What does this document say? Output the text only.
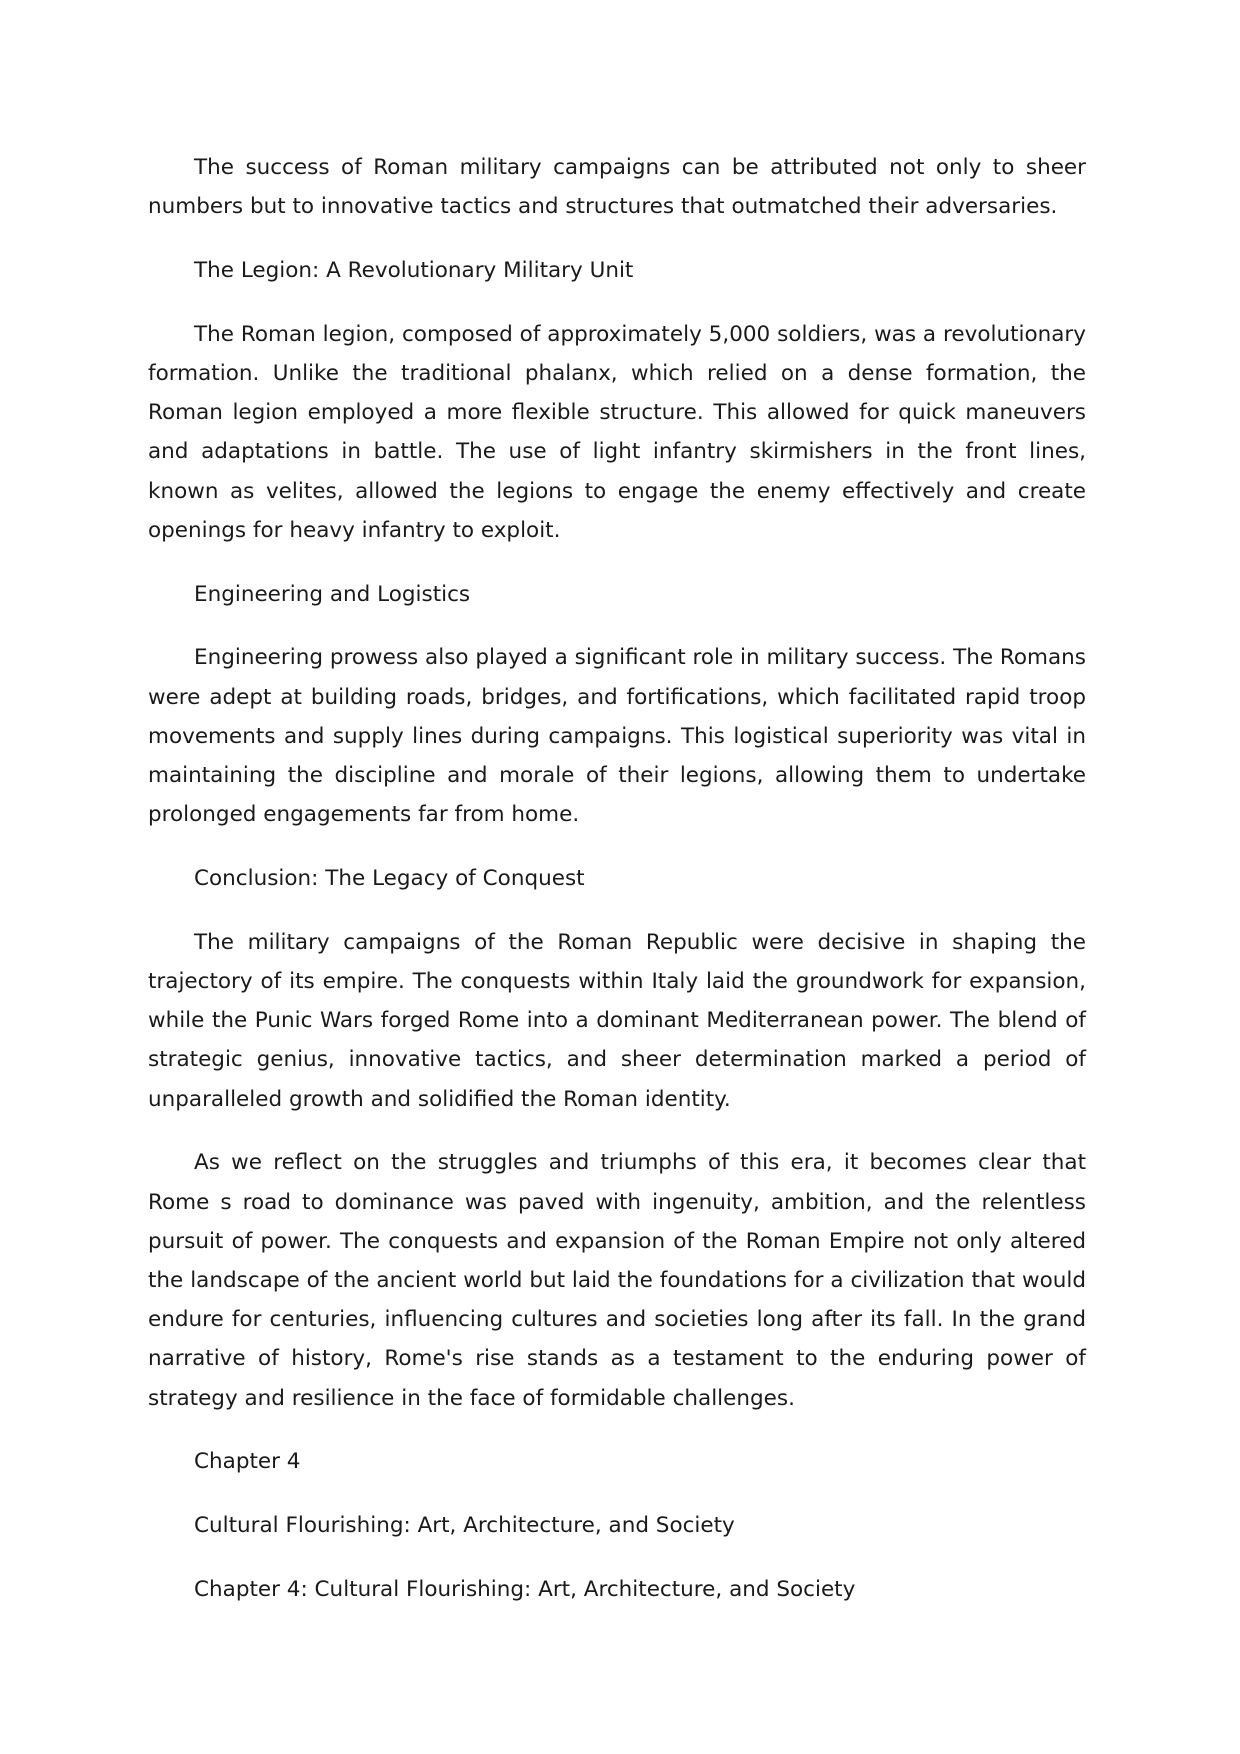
The success of Roman military campaigns can be attributed not only to sheer numbers but to innovative tactics and structures that outmatched their adversaries.

The Legion: A Revolutionary Military Unit

The Roman legion, composed of approximately 5,000 soldiers, was a revolutionary formation. Unlike the traditional phalanx, which relied on a dense formation, the Roman legion employed a more flexible structure. This allowed for quick maneuvers and adaptations in battle. The use of light infantry skirmishers in the front lines, known as velites, allowed the legions to engage the enemy effectively and create openings for heavy infantry to exploit.

Engineering and Logistics

Engineering prowess also played a significant role in military success. The Romans were adept at building roads, bridges, and fortifications, which facilitated rapid troop movements and supply lines during campaigns. This logistical superiority was vital in maintaining the discipline and morale of their legions, allowing them to undertake prolonged engagements far from home.

Conclusion: The Legacy of Conquest

The military campaigns of the Roman Republic were decisive in shaping the trajectory of its empire. The conquests within Italy laid the groundwork for expansion, while the Punic Wars forged Rome into a dominant Mediterranean power. The blend of strategic genius, innovative tactics, and sheer determination marked a period of unparalleled growth and solidified the Roman identity.

As we reflect on the struggles and triumphs of this era, it becomes clear that Rome s road to dominance was paved with ingenuity, ambition, and the relentless pursuit of power. The conquests and expansion of the Roman Empire not only altered the landscape of the ancient world but laid the foundations for a civilization that would endure for centuries, influencing cultures and societies long after its fall. In the grand narrative of history, Rome's rise stands as a testament to the enduring power of strategy and resilience in the face of formidable challenges.

Chapter 4

Cultural Flourishing: Art, Architecture, and Society

Chapter 4: Cultural Flourishing: Art, Architecture, and Society
